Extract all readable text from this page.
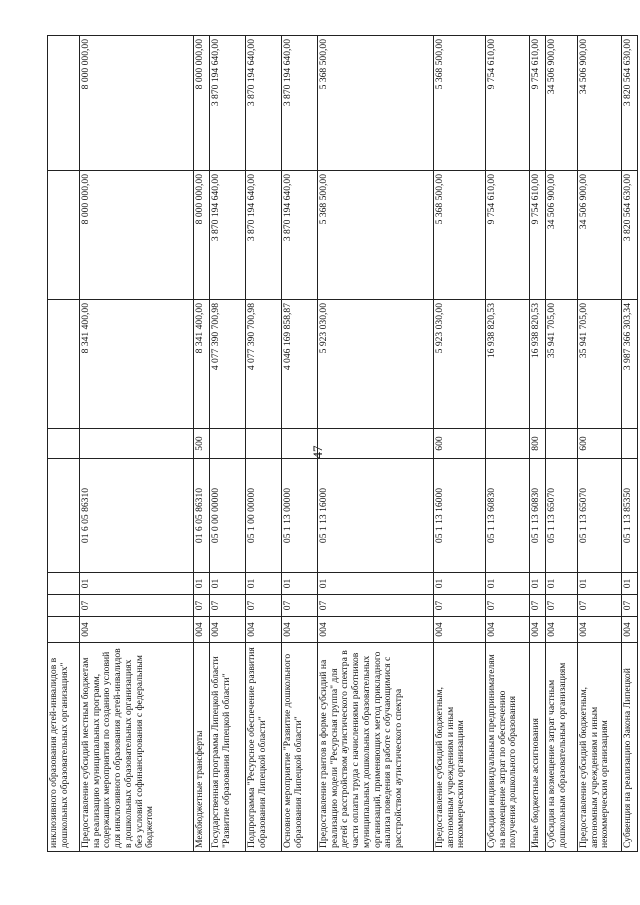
47
инклюзивного образования детей-инвалидов в дошкольных образовательных организациях"								
Предоставление субсидий местным бюджетам на реализацию муниципальных программ, содержащих мероприятия по созданию условий для инклюзивного образования детей-инвалидов в дошкольных образовательных организациях без условий софинансирования с федеральным бюджетом	004	07	01	01 6 05 86310		8 341 400,00	8 000 000,00	8 000 000,00
Межбюджетные трансферты	004	07	01	01 6 05 86310	500	8 341 400,00	8 000 000,00	8 000 000,00
Государственная программа Липецкой области "Развитие образования Липецкой области"	004	07	01	05 0 00 00000		4 077 390 700,98	3 870 194 640,00	3 870 194 640,00
Подпрограмма "Ресурсное обеспечение развития образования Липецкой области"	004	07	01	05 1 00 00000		4 077 390 700,98	3 870 194 640,00	3 870 194 640,00
Основное мероприятие "Развитие дошкольного образования Липецкой области"	004	07	01	05 1 13 00000		4 046 169 858,87	3 870 194 640,00	3 870 194 640,00
Предоставление грантов в форме субсидий на реализацию модели "Ресурсная группа" для детей с расстройством аутистического спектра в части оплаты труда с начислениями работников муниципальных дошкольных образовательных организаций, применяющих метод прикладного анализа поведения в работе с обучающимися с расстройством аутистического спектра	004	07	01	05 1 13 16000		5 923 030,00	5 368 500,00	5 368 500,00
Предоставление субсидий бюджетным, автономным учреждениям и иным некоммерческим организациям	004	07	01	05 1 13 16000	600	5 923 030,00	5 368 500,00	5 368 500,00
Субсидии индивидуальным предпринимателям на возмещение затрат по обеспечению получения дошкольного образования	004	07	01	05 1 13 60830		16 938 820,53	9 754 610,00	9 754 610,00
Иные бюджетные ассигнования	004	07	01	05 1 13 60830	800	16 938 820,53	9 754 610,00	9 754 610,00
Субсидия на возмещение затрат частным дошкольным образовательным организациям	004	07	01	05 1 13 65070		35 941 705,00	34 506 900,00	34 506 900,00
Предоставление субсидий бюджетным, автономным учреждениям и иным некоммерческим организациям	004	07	01	05 1 13 65070	600	35 941 705,00	34 506 900,00	34 506 900,00
Субвенция на реализацию Закона Липецкой	004	07	01	05 1 13 85350		3 987 366 303,34	3 820 564 630,00	3 820 564 630,00
